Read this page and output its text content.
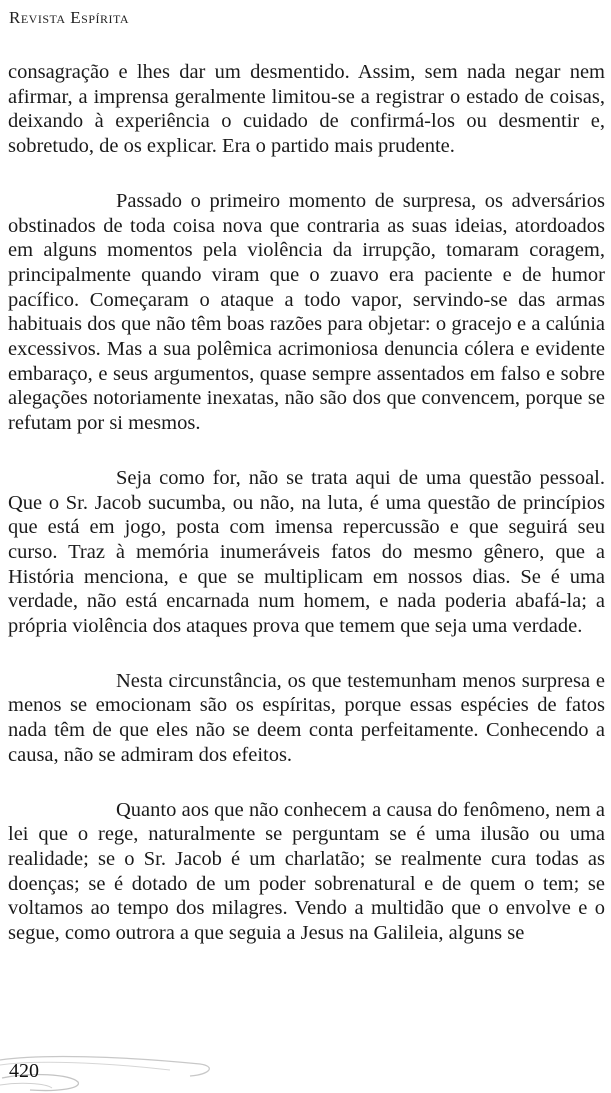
Revista Espírita

consagração e lhes dar um desmentido. Assim, sem nada negar nem afirmar, a imprensa geralmente limitou-se a registrar o estado de coisas, deixando à experiência o cuidado de confirmá-los ou desmentir e, sobretudo, de os explicar. Era o partido mais prudente.

Passado o primeiro momento de surpresa, os adversários obstinados de toda coisa nova que contraria as suas ideias, atordoados em alguns momentos pela violência da irrupção, tomaram coragem, principalmente quando viram que o zuavo era paciente e de humor pacífico. Começaram o ataque a todo vapor, servindo-se das armas habituais dos que não têm boas razões para objetar: o gracejo e a calúnia excessivos. Mas a sua polêmica acrimoniosa denuncia cólera e evidente embaraço, e seus argumentos, quase sempre assentados em falso e sobre alegações notoriamente inexatas, não são dos que convencem, porque se refutam por si mesmos.

Seja como for, não se trata aqui de uma questão pessoal. Que o Sr. Jacob sucumba, ou não, na luta, é uma questão de princípios que está em jogo, posta com imensa repercussão e que seguirá seu curso. Traz à memória inumeráveis fatos do mesmo gênero, que a História menciona, e que se multiplicam em nossos dias. Se é uma verdade, não está encarnada num homem, e nada poderia abafá-la; a própria violência dos ataques prova que temem que seja uma verdade.

Nesta circunstância, os que testemunham menos surpresa e menos se emocionam são os espíritas, porque essas espécies de fatos nada têm de que eles não se deem conta perfeitamente. Conhecendo a causa, não se admiram dos efeitos.

Quanto aos que não conhecem a causa do fenômeno, nem a lei que o rege, naturalmente se perguntam se é uma ilusão ou uma realidade; se o Sr. Jacob é um charlatão; se realmente cura todas as doenças; se é dotado de um poder sobrenatural e de quem o tem; se voltamos ao tempo dos milagres. Vendo a multidão que o envolve e o segue, como outrora a que seguia a Jesus na Galileia, alguns se

420
